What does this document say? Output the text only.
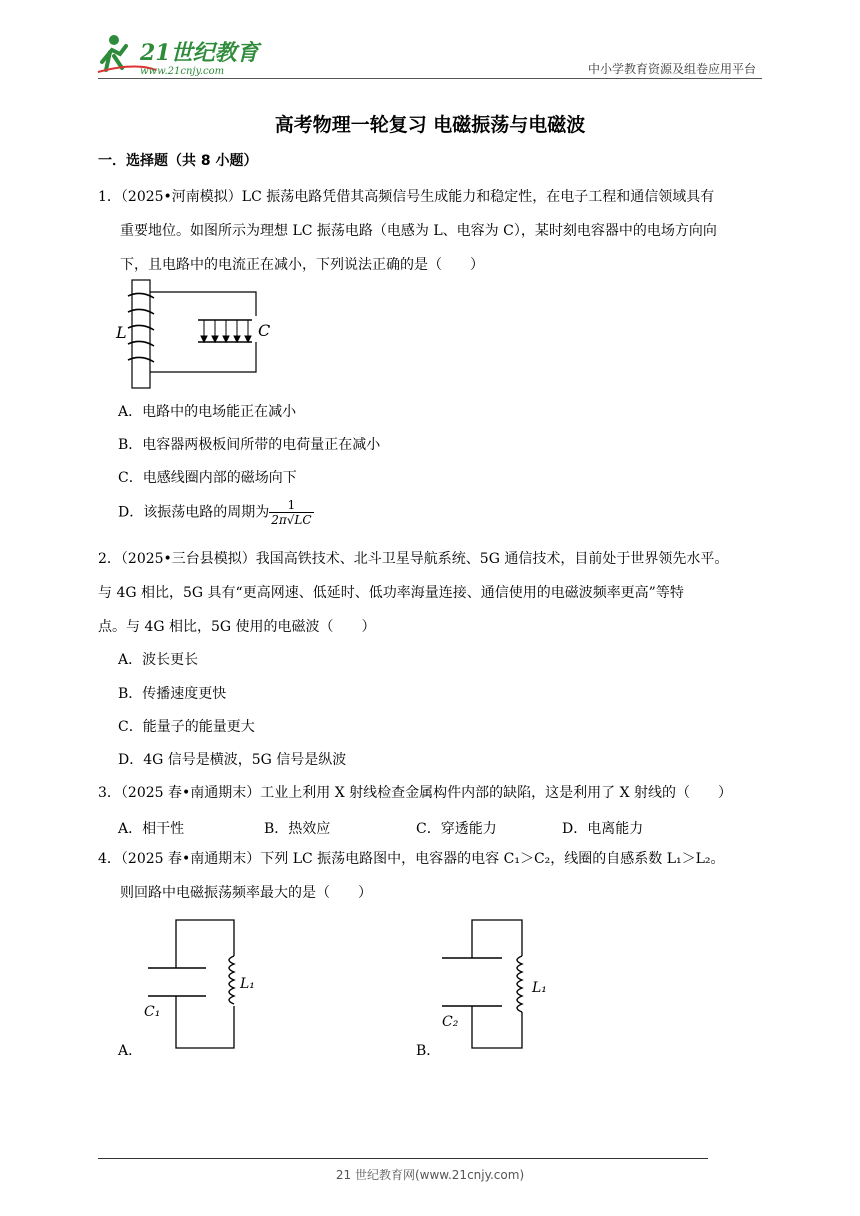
21世纪教育
www.21cnjy.com	中小学教育资源及组卷应用平台
高考物理一轮复习 电磁振荡与电磁波
一．选择题（共 8 小题）
1．（2025•河南模拟）LC 振荡电路凭借其高频信号生成能力和稳定性，在电子工程和通信领域具有
重要地位。如图所示为理想 LC 振荡电路（电感为 L、电容为 C），某时刻电容器中的电场方向向
下，且电路中的电流正在减小，下列说法正确的是（　　）
L	C
A．电路中的电场能正在减小
B．电容器两极板间所带的电荷量正在减小
C．电感线圈内部的磁场向下
D．该振荡电路的周期为 $\frac{1}{2\pi√LC}$
2．（2025•三台县模拟）我国高铁技术、北斗卫星导航系统、5G 通信技术，目前处于世界领先水平。
与 4G 相比，5G 具有“更高网速、低延时、低功率海量连接、通信使用的电磁波频率更高”等特
点。与 4G 相比，5G 使用的电磁波（　　）
A．波长更长
B．传播速度更快
C．能量子的能量更大
D．4G 信号是横波，5G 信号是纵波
3．（2025 春•南通期末）工业上利用 X 射线检查金属构件内部的缺陷，这是利用了 X 射线的（　　）
A．相干性	B．热效应	C．穿透能力	D．电离能力
4．（2025 春•南通期末）下列 LC 振荡电路图中，电容器的电容 C₁＞C₂，线圈的自感系数 L₁＞L₂。
则回路中电磁振荡频率最大的是（　　）
A．
L₁
C₁
B．
L₁
C₂
21 世纪教育网(www.21cnjy.com)
